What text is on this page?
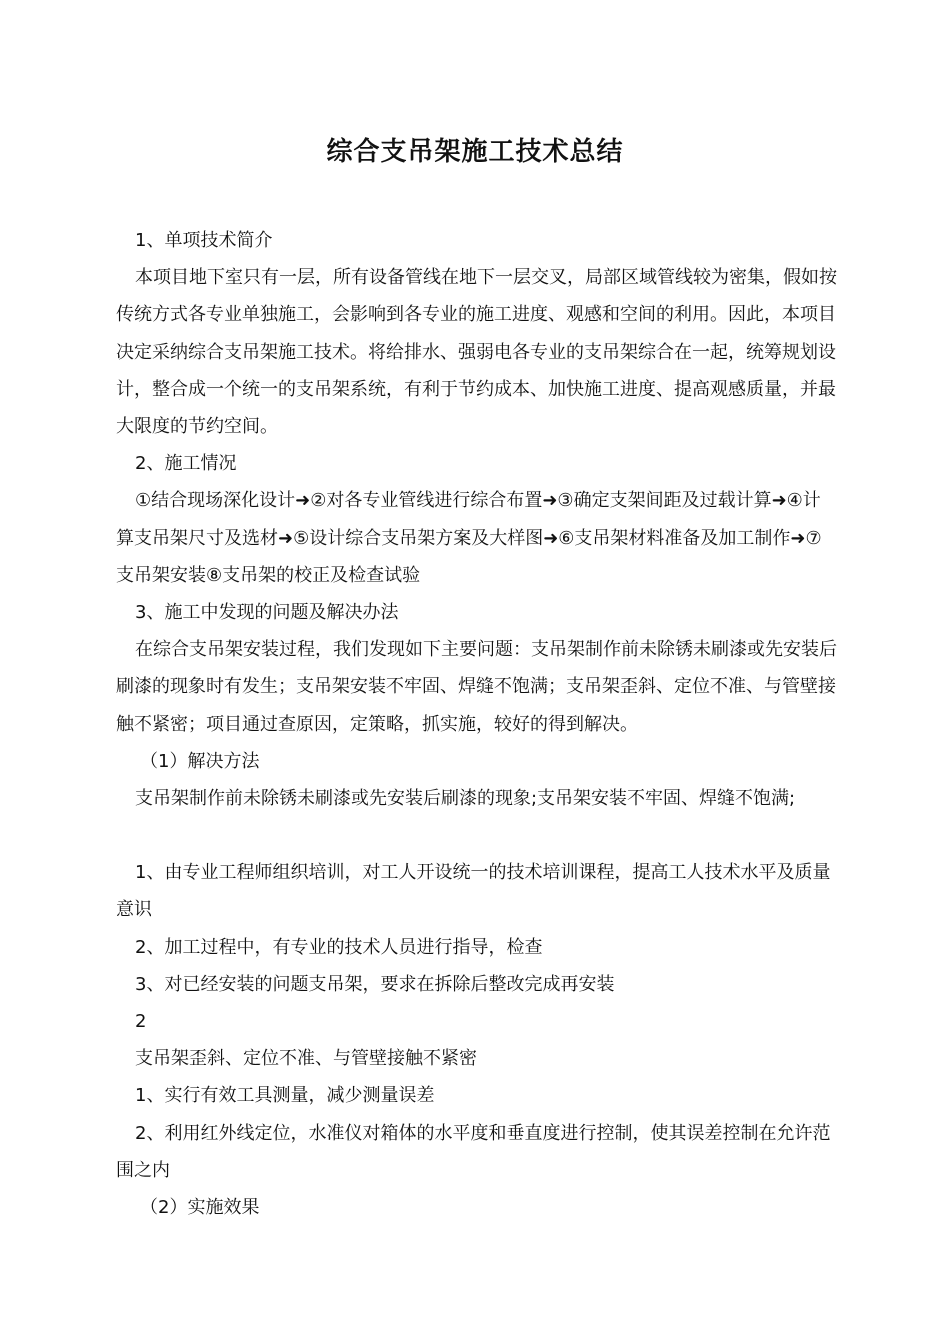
综合支吊架施工技术总结

1、单项技术简介

本项目地下室只有一层，所有设备管线在地下一层交叉，局部区域管线较为密集，假如按传统方式各专业单独施工，会影响到各专业的施工进度、观感和空间的利用。因此，本项目决定采纳综合支吊架施工技术。将给排水、强弱电各专业的支吊架综合在一起，统筹规划设计，整合成一个统一的支吊架系统，有利于节约成本、加快施工进度、提高观感质量，并最大限度的节约空间。

2、施工情况

①结合现场深化设计➜②对各专业管线进行综合布置➜③确定支架间距及过载计算➜④计算支吊架尺寸及选材➜⑤设计综合支吊架方案及大样图➜⑥支吊架材料准备及加工制作➜⑦支吊架安装⑧支吊架的校正及检查试验

3、施工中发现的问题及解决办法

在综合支吊架安装过程，我们发现如下主要问题：支吊架制作前未除锈未刷漆或先安装后刷漆的现象时有发生；支吊架安装不牢固、焊缝不饱满；支吊架歪斜、定位不准、与管壁接触不紧密；项目通过查原因，定策略，抓实施，较好的得到解决。

（1）解决方法

支吊架制作前未除锈未刷漆或先安装后刷漆的现象;支吊架安装不牢固、焊缝不饱满;

1、由专业工程师组织培训，对工人开设统一的技术培训课程，提高工人技术水平及质量意识

2、加工过程中，有专业的技术人员进行指导，检查

3、对已经安装的问题支吊架，要求在拆除后整改完成再安装

2

支吊架歪斜、定位不准、与管壁接触不紧密

1、实行有效工具测量，减少测量误差

2、利用红外线定位，水准仪对箱体的水平度和垂直度进行控制，使其误差控制在允许范围之内

（2）实施效果
